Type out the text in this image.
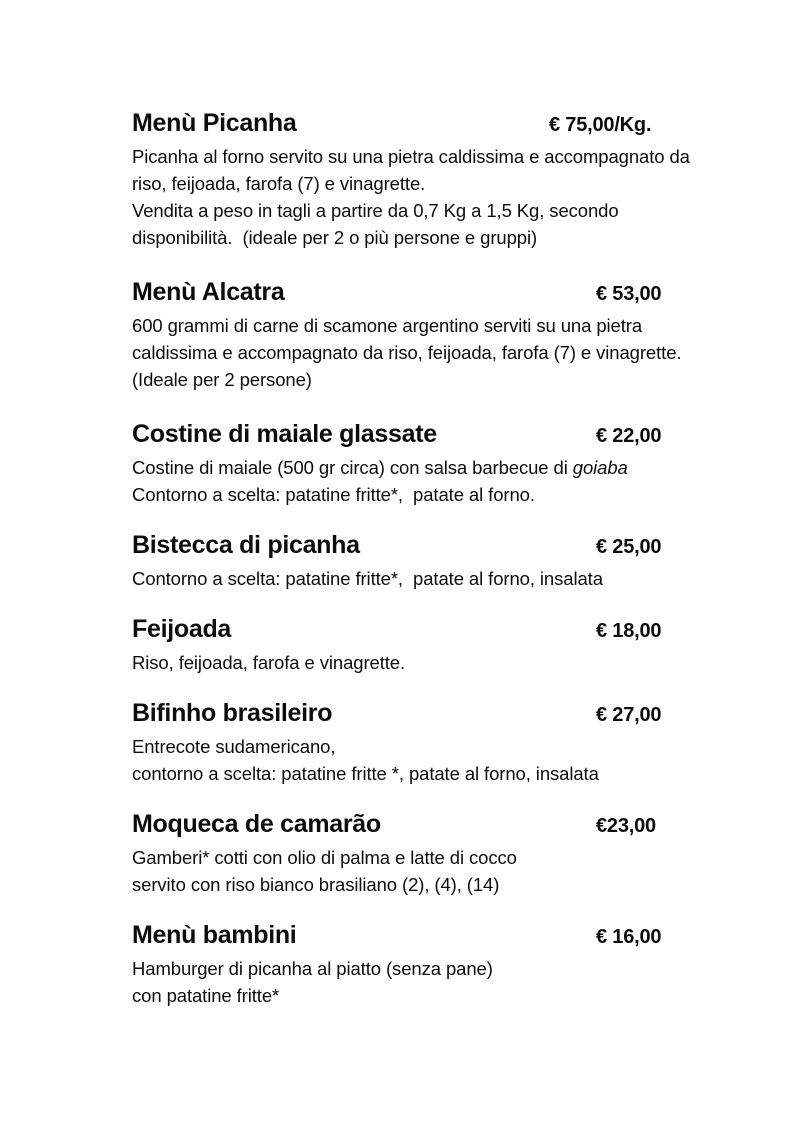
Menù Picanha	€ 75,00/Kg.

Picanha al forno servito su una pietra caldissima e accompagnato da

riso, feijoada, farofa (7) e vinagrette.

Vendita a peso in tagli a partire da 0,7 Kg a 1,5 Kg, secondo

disponibilità.  (ideale per 2 o più persone e gruppi)

Menù Alcatra	€ 53,00

600 grammi di carne di scamone argentino serviti su una pietra

caldissima e accompagnato da riso, feijoada, farofa (7) e vinagrette.

(Ideale per 2 persone)

Costine di maiale glassate	€ 22,00

Costine di maiale (500 gr circa) con salsa barbecue di goiaba

Contorno a scelta: patatine fritte*,  patate al forno.

Bistecca di picanha	€ 25,00

Contorno a scelta: patatine fritte*,  patate al forno, insalata

Feijoada	€ 18,00

Riso, feijoada, farofa e vinagrette.

Bifinho brasileiro	€ 27,00

Entrecote sudamericano,

contorno a scelta: patatine fritte *, patate al forno, insalata

Moqueca de camarão	€23,00

Gamberi* cotti con olio di palma e latte di cocco

servito con riso bianco brasiliano (2), (4), (14)

Menù bambini	€ 16,00

Hamburger di picanha al piatto (senza pane)

con patatine fritte*
